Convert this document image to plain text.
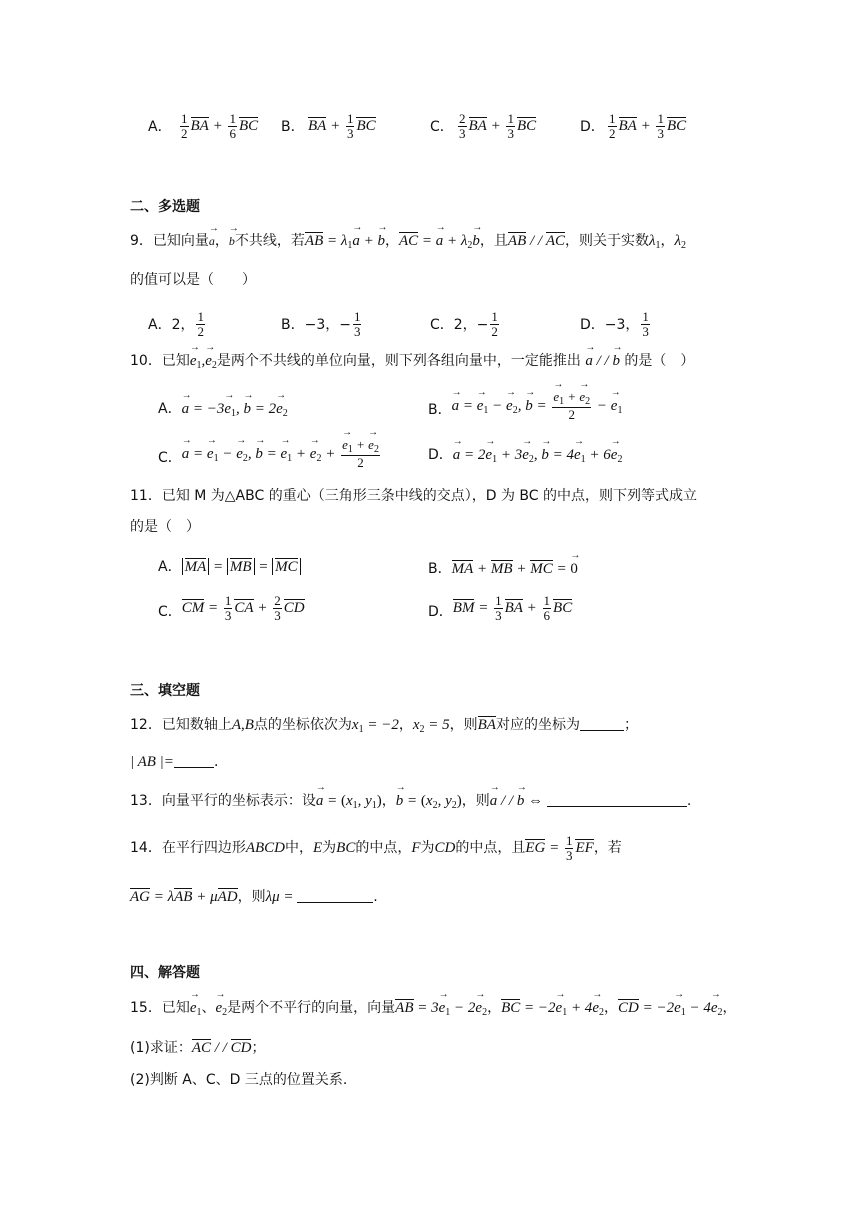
A． $\frac{1}{2}$ BA + $\frac{1}{6}$ BC B． BA + $\frac{1}{3}$ BC	C． $\frac{2}{3}$ BA + $\frac{1}{3}$ BC	D． $\frac{1}{2}$ BA + $\frac{1}{3}$ BC
二、多选题
9．已知向量→ a，→ b不共线，若AB = $\lambda_1\to a$ + → b，AC = → $a + \lambda_2\to b$，且AB / / AC，则关于实数$\lambda_1$，$\lambda_2$
的值可以是（　　）
A．2， $\frac{1}{2}$	B．−3，− $\frac{1}{3}$	C．2，− $\frac{1}{2}$	D．−3， $\frac{1}{3}$
10．已知→ $e_1,\to e_2$是两个不共线的单位向量，则下列各组向量中，一定能推出 → a / / → b 的是（　）
A．→ $a = -3\to e_1$, → $b = 2\to e_2$	B．→ a = → $e_1$ − → $e_2$, → b = → $\frac{e_1 + \to e_2}{2}$ − → $e_1$
C．→ a = → $e_1$ − → $e_2$, → b = → $e_1$ + → $e_2$ + → $\frac{e_1 + \to e_2}{2}$	D．→ $a = 2\to e_1 + 3\to e_2$, → $b = 4\to e_1 + 6\to e_2$
11．已知 M 为△ABC 的重心（三角形三条中线的交点），D 为 BC 的中点，则下列等式成立
的是（　）
A． MA = MB = MC	B．MA + MB + MC = → 0
C．CM = $\frac{1}{3}$ CA + $\frac{2}{3}$ CD	D．BM = $\frac{1}{3}$ BA + $\frac{1}{6}$ BC
三、填空题
12．已知数轴上A,B点的坐标依次为$x_1 = -2$，$x_2 = 5$，则BA对应的坐标为	；
| AB |=	.
13．向量平行的坐标表示：设→ $a = (x_1$, $y_1$)，→ $b = (x_2$, $y_2$)，则→ a / / → b ⇔	.
14．在平行四边形ABCD中，E为BC的中点，F为CD的中点，且EG = $\frac{1}{3}$ EF，若
AG = λAB + μAD，则λμ =	.
四、解答题
15．已知→ $e_1$、→ $e_2$是两个不平行的向量，向量AB = $3\to e_1 - 2\to e_2$，BC = $-2\to e_1 + 4\to e_2$，CD = $-2\to e_1 - 4\to e_2$，
(1)求证：AC / / CD；
(2)判断 A、C、D 三点的位置关系.
